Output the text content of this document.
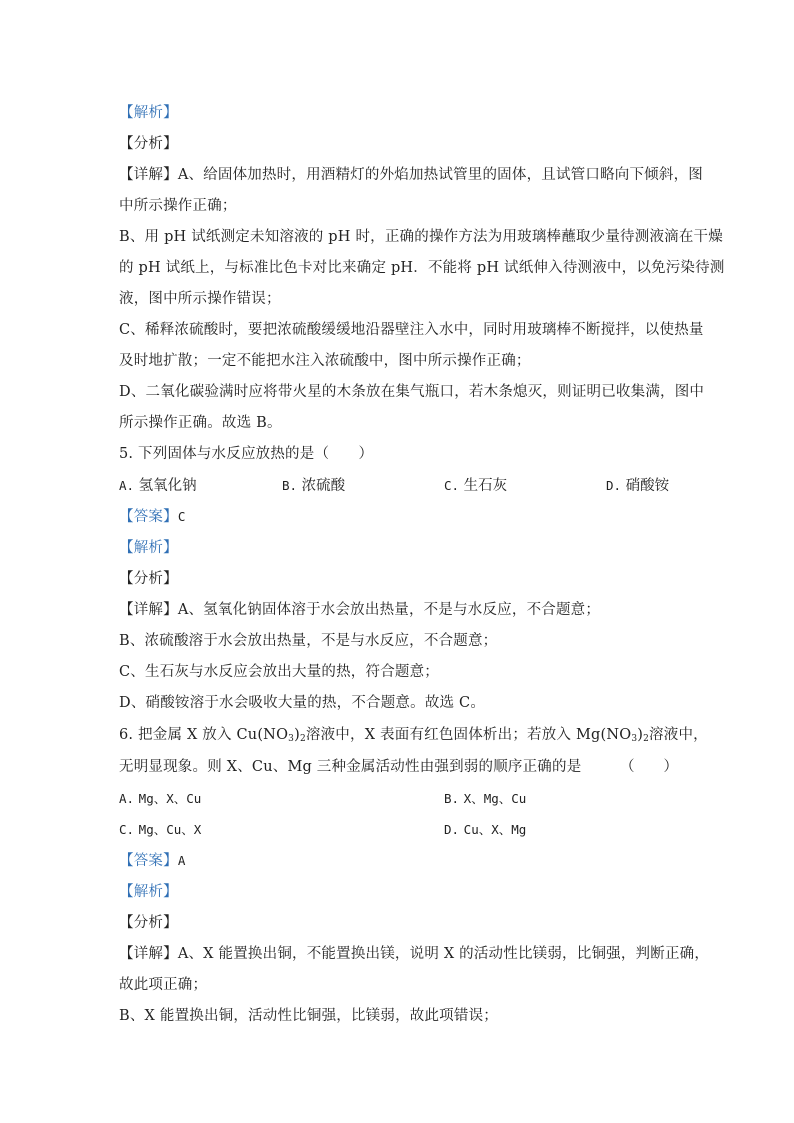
【解析】
【分析】
【详解】A、给固体加热时，用酒精灯的外焰加热试管里的固体，且试管口略向下倾斜，图
中所示操作正确；
B、用 pH 试纸测定未知溶液的 pH 时，正确的操作方法为用玻璃棒蘸取少量待测液滴在干燥
的 pH 试纸上，与标准比色卡对比来确定 pH．不能将 pH 试纸伸入待测液中，以免污染待测
液，图中所示操作错误；
C、稀释浓硫酸时，要把浓硫酸缓缓地沿器壁注入水中，同时用玻璃棒不断搅拌，以使热量
及时地扩散；一定不能把水注入浓硫酸中，图中所示操作正确；
D、二氧化碳验满时应将带火星的木条放在集气瓶口，若木条熄灭，则证明已收集满，图中
所示操作正确。故选 B。
5. 下列固体与水反应放热的是（　　）
A. 氢氧化钠	B. 浓硫酸	C. 生石灰	D. 硝酸铵
【答案】C
【解析】
【分析】
【详解】A、氢氧化钠固体溶于水会放出热量，不是与水反应，不合题意；
B、浓硫酸溶于水会放出热量，不是与水反应，不合题意；
C、生石灰与水反应会放出大量的热，符合题意；
D、硝酸铵溶于水会吸收大量的热，不合题意。故选 C。
6. 把金属 X 放入 $Cu(NO_3)_2$溶液中，X 表面有红色固体析出；若放入 $Mg(NO_3)_2$溶液中，
无明显现象。则 X、Cu、Mg 三种金属活动性由强到弱的顺序正确的是	（　　）
A. Mg、X、Cu	B. X、Mg、Cu
C. Mg、Cu、X	D. Cu、X、Mg
【答案】A
【解析】
【分析】
【详解】A、X 能置换出铜，不能置换出镁，说明 X 的活动性比镁弱，比铜强，判断正确，
故此项正确；
B、X 能置换出铜，活动性比铜强，比镁弱，故此项错误；
